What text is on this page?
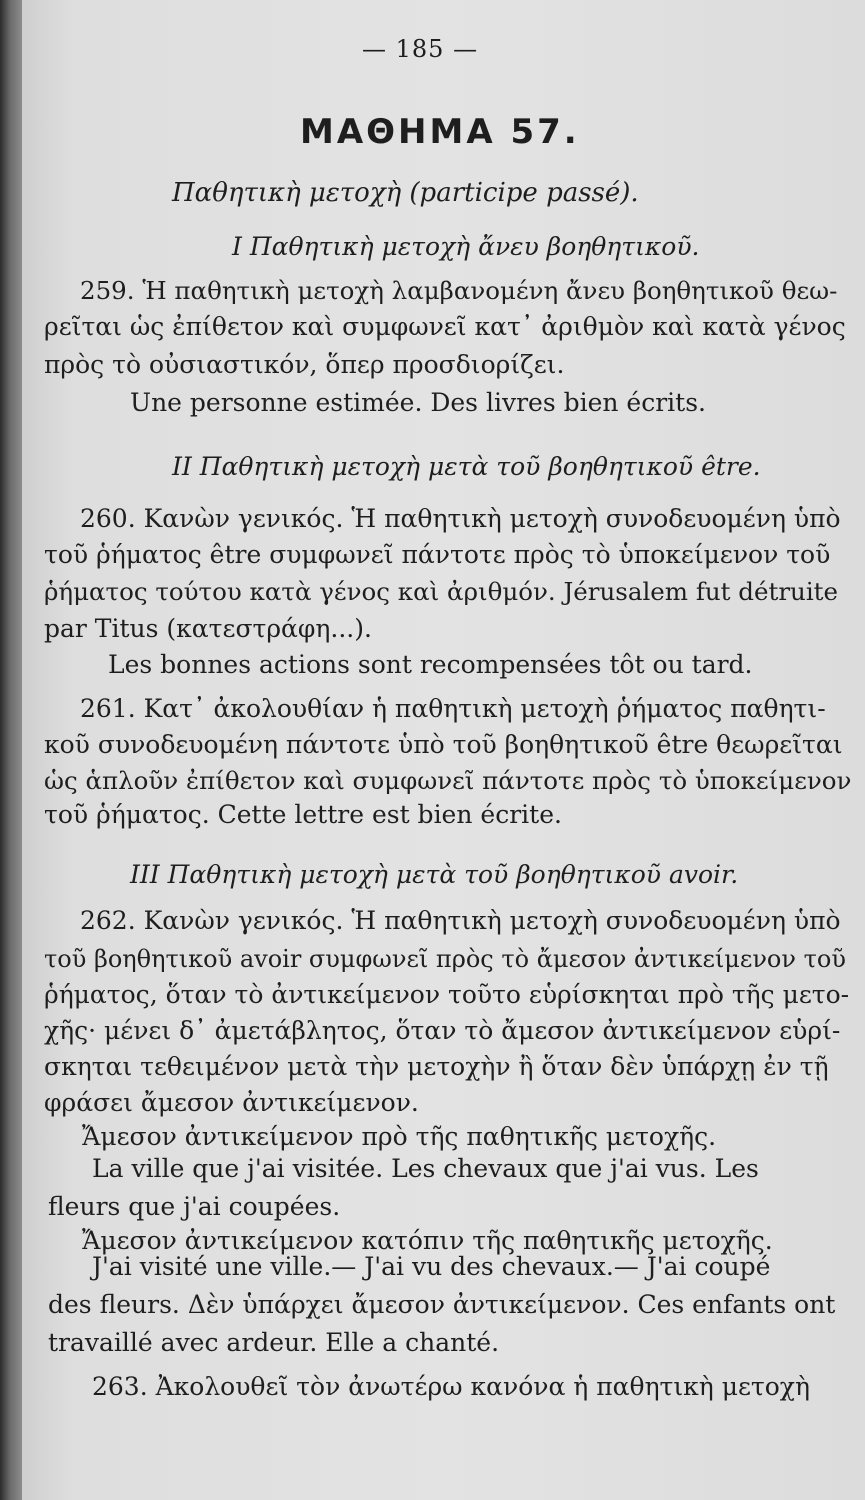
— 185 —
ΜΑΘΗΜΑ 57.
Παθητικὴ μετοχὴ (participe passé).
I Παθητικὴ μετοχὴ ἄνευ βοηθητικοῦ.
259. Ἡ παθητικὴ μετοχὴ λαμβανομένη ἄνευ βοηθητικοῦ θεω-
ρεῖται ὡς ἐπίθετον καὶ συμφωνεῖ κατ᾽ ἀριθμὸν καὶ κατὰ γένος
πρὸς τὸ οὐσιαστικόν, ὅπερ προσδιορίζει.
Une personne estimée. Des livres bien écrits.
II Παθητικὴ μετοχὴ μετὰ τοῦ βοηθητικοῦ être.
260. Κανὼν γενικός. Ἡ παθητικὴ μετοχὴ συνοδευομένη ὑπὸ
τοῦ ῥήματος être συμφωνεῖ πάντοτε πρὸς τὸ ὑποκείμενον τοῦ
ῥήματος τούτου κατὰ γένος καὶ ἀριθμόν. Jérusalem fut détruite
par Titus (κατεστράφη...).
Les bonnes actions sont recompensées tôt ou tard.
261. Κατ᾽ ἀκολουθίαν ἡ παθητικὴ μετοχὴ ῥήματος παθητι-
κοῦ συνοδευομένη πάντοτε ὑπὸ τοῦ βοηθητικοῦ être θεωρεῖται
ὡς ἁπλοῦν ἐπίθετον καὶ συμφωνεῖ πάντοτε πρὸς τὸ ὑποκείμενον
τοῦ ῥήματος. Cette lettre est bien écrite.
III Παθητικὴ μετοχὴ μετὰ τοῦ βοηθητικοῦ avoir.
262. Κανὼν γενικός. Ἡ παθητικὴ μετοχὴ συνοδευομένη ὑπὸ
τοῦ βοηθητικοῦ avoir συμφωνεῖ πρὸς τὸ ἄμεσον ἀντικείμενον τοῦ
ῥήματος, ὅταν τὸ ἀντικείμενον τοῦτο εὑρίσκηται πρὸ τῆς μετο-
χῆς· μένει δ᾽ ἀμετάβλητος, ὅταν τὸ ἄμεσον ἀντικείμενον εὑρί-
σκηται τεθειμένον μετὰ τὴν μετοχὴν ἢ ὅταν δὲν ὑπάρχῃ ἐν τῇ
φράσει ἄμεσον ἀντικείμενον.
Ἄμεσον ἀντικείμενον πρὸ τῆς παθητικῆς μετοχῆς.
La ville que j'ai visitée. Les chevaux que j'ai vus. Les
fleurs que j'ai coupées.
Ἄμεσον ἀντικείμενον κατόπιν τῆς παθητικῆς μετοχῆς.
J'ai visité une ville.— J'ai vu des chevaux.— J'ai coupé
des fleurs. Δὲν ὑπάρχει ἄμεσον ἀντικείμενον. Ces enfants ont
travaillé avec ardeur. Elle a chanté.
263. Ἀκολουθεῖ τὸν ἀνωτέρω κανόνα ἡ παθητικὴ μετοχὴ
